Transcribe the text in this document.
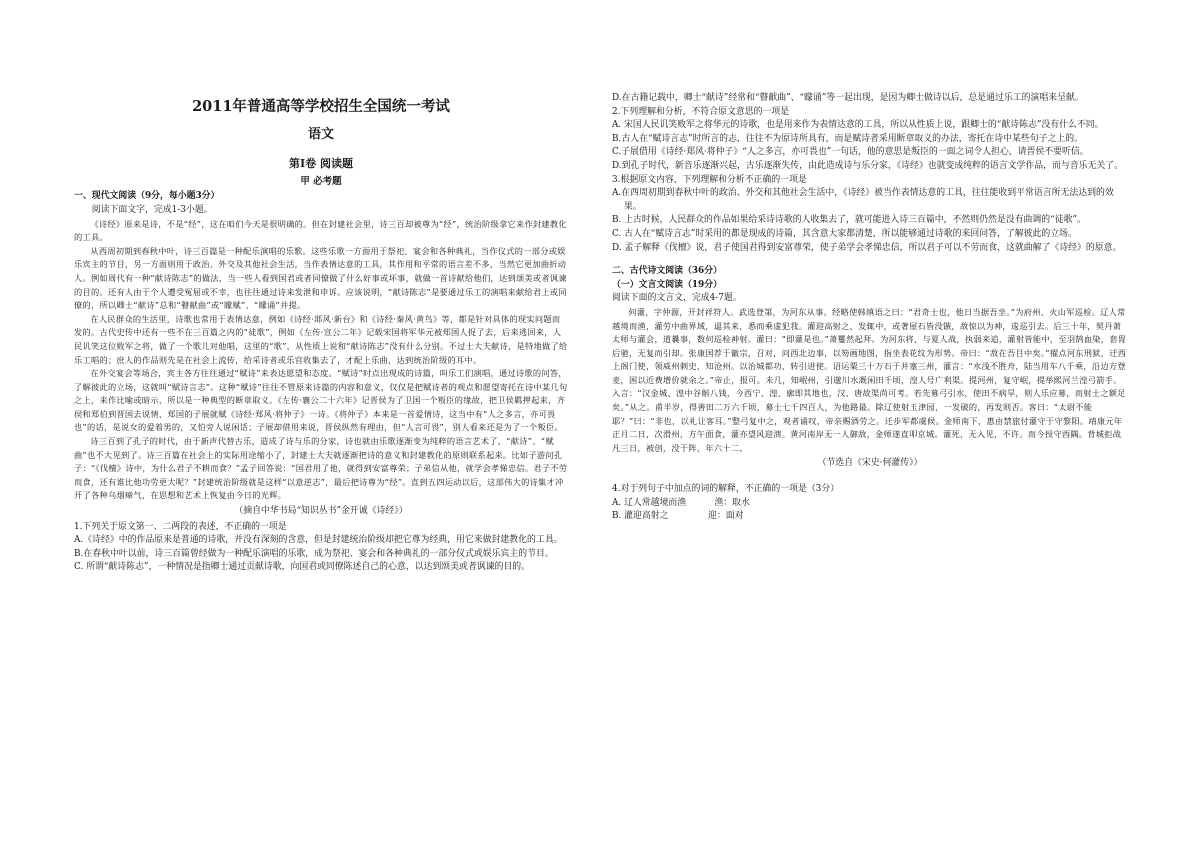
2011年普通高等学校招生全国统一考试
语文
第Ⅰ卷 阅读题
甲 必考题
一、现代文阅读（9分，每小题3分）

阅读下面文字，完成1-3小题。

《诗经》原来是诗，不是“经”，这在咱们今天是很明确的。但在封建社会里，诗三百却被尊为“经”，统治阶级拿它来作封建教化的工具。

从西周初期到春秋中叶，诗三百篇是一种配乐演唱的乐歌。这些乐歌一方面用于祭祀、宴会和各种典礼，当作仪式的一部分或娱乐宾主的节目，另一方面则用于政治、外交及其他社会生活，当作表情达意的工具，其作用和平常的语言差不多，当然它更加曲折动人。例如周代有一种“献诗陈志”的做法，当一些人看到国君或者同僚做了什么好事或坏事，就做一首诗献给他们，达到颂美或者讽谏的目的。还有人由于个人遭受冤屈或不幸，也往往通过诗来发泄和申诉。应该说明，“献诗陈志”是要通过乐工的演唱来献给君上或同僚的，所以卿士“献诗”总和“瞽献曲”或“矇赋”、“矇诵”并提。

在人民群众的生活里，诗歌也常用于表情达意，例如《诗经·邶风·新台》和《诗经·秦风·黄鸟》等，都是针对具体的现实问题而发的。古代史传中还有一些不在三百篇之内的“徒歌”，例如《左传·宣公二年》记载宋国将军华元被郑国人捉了去，后来逃回来，人民讥笑这位败军之将，做了一个歌儿对他唱，这里的“歌”，从性质上说和“献诗陈志”没有什么分别。不过士大夫献诗，是特地做了给乐工唱的；庶人的作品则先是在社会上流传，给采诗者或乐官收集去了，才配上乐曲，达到统治阶级的耳中。

在外交宴会等场合，宾主各方往往通过“赋诗”来表达愿望和态度。“赋诗”时点出现成的诗篇，叫乐工们演唱，通过诗歌的问答，了解彼此的立场，这就叫“赋诗言志”。这种“赋诗”往往不管原来诗篇的内容和意义，仅仅是把赋诗者的观点和愿望寄托在诗中某几句之上，来作比喻或暗示，所以是一种典型的断章取义。《左传·襄公二十六年》记晋侯为了卫国一个叛臣的缘故，把卫侯羁押起来，齐侯和郑伯到晋国去说情，郑国的子展就赋《诗经·郑风·将仲子》一诗。《将仲子》本来是一首爱情诗，这当中有“人之多言，亦可畏也”的话，是说女的爱着男的，又怕旁人说闲话；子展却借用来说，晋侯纵然有理由，但“人言可畏”，别人看来还是为了一个叛臣。

诗三百到了孔子的时代，由于新声代替古乐，造成了诗与乐的分家，诗也就由乐歌逐渐变为纯粹的语言艺术了，“献诗”、“赋曲”也不大见到了。诗三百篇在社会上的实际用途缩小了，封建士大夫就逐渐把诗的意义和封建教化的原则联系起来。比如子游问孔子：“《伐檀》诗中，为什么君子不耕而食？”孟子回答说：“国君用了他，就得到安富尊荣；子弟信从他，就学会孝悌忠信。君子不劳而食，还有谁比他功劳更大呢？”封建统治阶级就是这样“以意逆志”，最后把诗尊为“经”。直到五四运动以后，这部伟大的诗集才冲开了各种乌烟瘴气，在思想和艺术上恢复由今日的光辉。

（摘自中华书局“知识丛书”金开诚《诗经》）

1.下列关于原文第一、二两段的表述，不正确的一项是

A.《诗经》中的作品原来是普通的诗歌，并没有深刻的含意，但是封建统治阶级却把它尊为经典，用它来做封建教化的工具。

B.在春秋中叶以前，诗三百篇曾经做为一种配乐演唱的乐歌，成为祭祀、宴会和各种典礼的一部分仪式或娱乐宾主的节目。

C. 所谓“献诗陈志”，一种情况是指卿士通过贡献诗歌，向国君或同僚陈述自己的心意，以达到颂美或者讽谏的目的。

D.在古籍记载中，卿士“献诗”经常和“瞽献曲”、“矇诵”等一起出现，是因为卿士做诗以后，总是通过乐工的演唱来呈献。

2.下列理解和分析，不符合原文意思的一项是

A. 宋国人民讥笑败军之将华元的诗歌，也是用来作为表情达意的工具，所以从性质上说，跟卿士的“献诗陈志”没有什么不同。

B.古人在“赋诗言志”时所言的志，往往不为原诗所具有，而是赋诗者采用断章取义的办法，寄托在诗中某些句子之上的。

C.子展借用《诗经·郑风·将仲子》“人之多言，亦可畏也”一句话，他的意思是叛臣的一面之词令人担心，请晋侯不要听信。

D.到孔子时代，新音乐逐渐兴起，古乐逐渐失传，由此造成诗与乐分家，《诗经》也就变成纯粹的语言文学作品，而与音乐无关了。

3.根据原文内容，下列理解和分析不正确的一项是

A.在西周初期到春秋中叶的政治、外交和其他社会生活中，《诗经》被当作表情达意的工具，往往能收到平常语言所无法达到的效果。

B. 上古时候，人民群众的作品如果给采诗诗歌的人收集去了，就可能进入诗三百篇中，不然则仍然是没有曲调的“徒歌”。

C. 古人在“赋诗言志”时采用的都是现成的诗篇，其含意大家都清楚，所以能够通过诗歌的来回问答，了解彼此的立场。

D. 孟子解释《伐檀》说，君子使国君得到安富尊荣，使子弟学会孝悌忠信，所以君子可以不劳而食，这就曲解了《诗经》的原意。

二、古代诗文阅读（36分）
（一）文言文阅读（19分）

阅读下面的文言文，完成4-7题。

何灌，字仲源，开封祥符人。武选登第，为河东从事。经略使韩缜语之曰：“君奇士也，他日当据吾坐。”为府州、火山军巡检。辽人常越境而渔，灌劳中曲界域，逼其来，悉而乘虚犯我。灌迎高射之，发辄中，或著屋石皆没镞，敌惊以为神，逡巡引去。后三十年，契丹萧太师与灌会，道曩事，数何巡检神射。灌曰：“即灌是也。”萧矍然起拜。为河东将，与夏人战，执弱来追，灌射皆能中，至羽鹄血染，套胄后驰，无复而引却。张康国荐于徽宗，召对，问西北边事，以笏画地图，指坐表花纹为形势。帝曰：“敌在吾目中矣。”擢点河东刑狱，迁西上阁门使，领威州刺史，知沧州。以治城都功，转引进使。诏运粟三十万石于并塞三州，灌言：“水浅不胜舟，陆当用车八千乘，沿边方登麦，困以近费增价就余之。”帝止，报可。未几，知岷州，引邈川水溉闲田千顷，湟人号广利渠。提河州，复守岷，提举熙河兰湟弓箭手。入言：“汉金城、湟中谷斛八钱，今西宁、湟、廓即其地也，汉、唐故渠尚可考。若先募弓引水，使田不病旱，则人乐应募，而射士之额足矣。”从之。甫半岁，得善田二万六千顷，募士七千四百人，为他路最。除辽使射玉津园，一发破的，再发则否。客曰：“太尉不能耶？”曰：“非也，以礼让客耳。”整弓复中之，观者诵叹，帝亲赐酒劳之。迁步军都虞候。金师南下，惠由禁旅付灌守于守黎阳。靖康元年正月二日，次滑州，方午面食，灌亦望风迎溃。黄河南岸无一人御敌，金师遂直叩京城。灌死，无入见，不许。而今授守西隅。背城拒战凡三日，被创，没于阵，年六十二。

（节选自《宋史·何灌传》）

4.对于列句子中加点的词的解释，不正确的一项是（3分）

A. 辽人常越境而渔          渔：取水

B. 灌迎高射之              迎：面对
